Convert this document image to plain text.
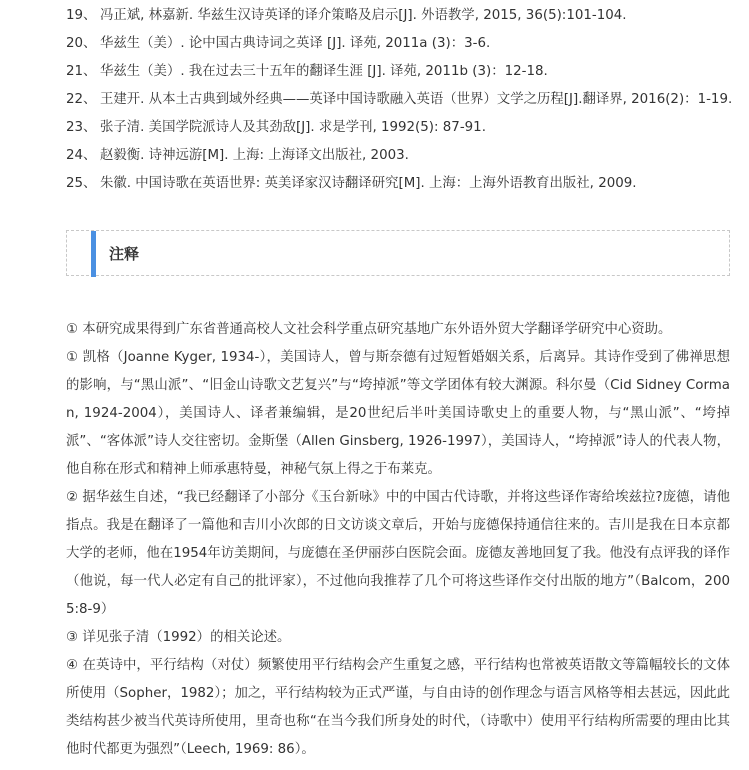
19、 冯正斌, 林嘉新. 华兹生汉诗英译的译介策略及启示[J]. 外语教学, 2015, 36(5):101-104.
20、 华兹生（美）. 论中国古典诗词之英译 [J]. 译苑, 2011a (3)：3-6.
21、 华兹生（美）. 我在过去三十五年的翻译生涯 [J]. 译苑, 2011b (3)：12-18.
22、 王建开. 从本土古典到域外经典——英译中国诗歌融入英语（世界）文学之历程[J].翻译界, 2016(2)：1-19.
23、 张子清. 美国学院派诗人及其劲敌[J]. 求是学刊, 1992(5): 87-91.
24、 赵毅衡. 诗神远游[M]. 上海: 上海译文出版社, 2003.
25、 朱徽. 中国诗歌在英语世界: 英美译家汉诗翻译研究[M]. 上海：上海外语教育出版社, 2009.
注释
① 本研究成果得到广东省普通高校人文社会科学重点研究基地广东外语外贸大学翻译学研究中心资助。
① 凯格（Joanne Kyger, 1934-），美国诗人，曾与斯奈德有过短暂婚姻关系，后离异。其诗作受到了佛禅思想的影响，与“黑山派”、“旧金山诗歌文艺复兴”与“垮掉派”等文学团体有较大渊源。科尔曼（Cid Sidney Corman, 1924-2004），美国诗人、译者兼编辑，是20世纪后半叶美国诗歌史上的重要人物，与“黑山派”、“垮掉派”、“客体派”诗人交往密切。金斯堡（Allen Ginsberg, 1926-1997），美国诗人，“垮掉派”诗人的代表人物，他自称在形式和精神上师承惠特曼，神秘气氛上得之于布莱克。
② 据华兹生自述，“我已经翻译了小部分《玉台新咏》中的中国古代诗歌，并将这些译作寄给埃兹拉?庞德，请他指点。我是在翻译了一篇他和吉川小次郎的日文访谈文章后，开始与庞德保持通信往来的。吉川是我在日本京都大学的老师，他在1954年访美期间，与庞德在圣伊丽莎白医院会面。庞德友善地回复了我。他没有点评我的译作（他说，每一代人必定有自己的批评家），不过他向我推荐了几个可将这些译作交付出版的地方”（Balcom，2005:8-9）
③ 详见张子清（1992）的相关论述。
④ 在英诗中，平行结构（对仗）频繁使用平行结构会产生重复之感，平行结构也常被英语散文等篇幅较长的文体所使用（Sopher，1982）；加之，平行结构较为正式严谨，与自由诗的创作理念与语言风格等相去甚远，因此此类结构甚少被当代英诗所使用，里奇也称“在当今我们所身处的时代，（诗歌中）使用平行结构所需要的理由比其他时代都更为强烈”（Leech, 1969: 86）。
